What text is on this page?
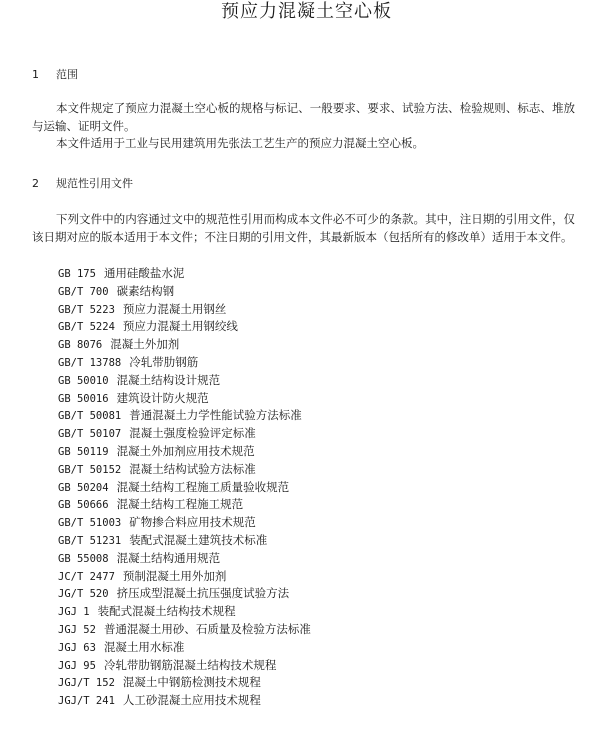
预应力混凝土空心板
1 范围

本文件规定了预应力混凝土空心板的规格与标记、一般要求、要求、试验方法、检验规则、标志、堆放与运输、证明文件。

本文件适用于工业与民用建筑用先张法工艺生产的预应力混凝土空心板。

2 规范性引用文件

下列文件中的内容通过文中的规范性引用而构成本文件必不可少的条款。其中，注日期的引用文件，仅该日期对应的版本适用于本文件；不注日期的引用文件，其最新版本（包括所有的修改单）适用于本文件。

GB 175 通用硅酸盐水泥
GB/T 700 碳素结构钢
GB/T 5223 预应力混凝土用钢丝
GB/T 5224 预应力混凝土用钢绞线
GB 8076 混凝土外加剂
GB/T 13788 冷轧带肋钢筋
GB 50010 混凝土结构设计规范
GB 50016 建筑设计防火规范
GB/T 50081 普通混凝土力学性能试验方法标准
GB/T 50107 混凝土强度检验评定标准
GB 50119 混凝土外加剂应用技术规范
GB/T 50152 混凝土结构试验方法标准
GB 50204 混凝土结构工程施工质量验收规范
GB 50666 混凝土结构工程施工规范
GB/T 51003 矿物掺合料应用技术规范
GB/T 51231 装配式混凝土建筑技术标准
GB 55008 混凝土结构通用规范
JC/T 2477 预制混凝土用外加剂
JG/T 520 挤压成型混凝土抗压强度试验方法
JGJ 1 装配式混凝土结构技术规程
JGJ 52 普通混凝土用砂、石质量及检验方法标准
JGJ 63 混凝土用水标准
JGJ 95 冷轧带肋钢筋混凝土结构技术规程
JGJ/T 152 混凝土中钢筋检测技术规程
JGJ/T 241 人工砂混凝土应用技术规程
